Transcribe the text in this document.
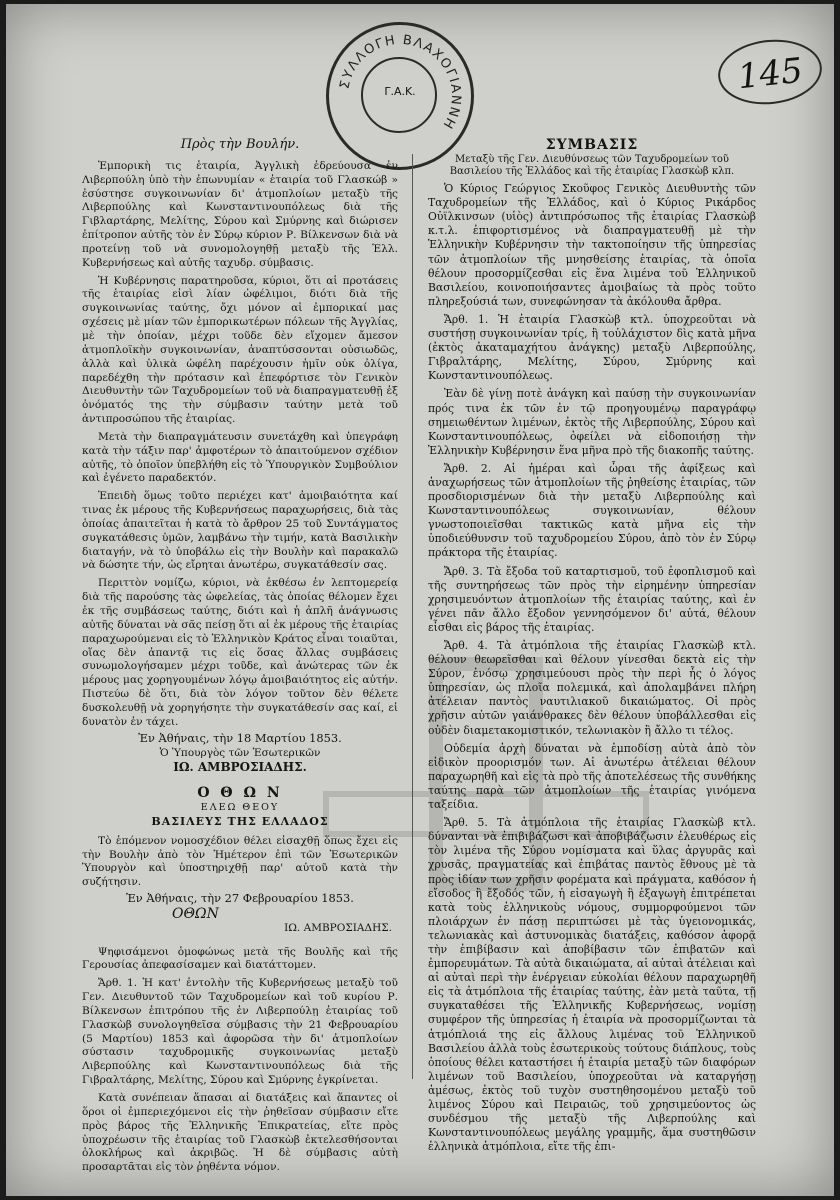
ΣΥΛΛΟΓΗ ΒΛΑΧΟΓΙΑΝΝΗ
Γ.Α.Κ.	145
Πρὸς τὴν Βουλήν.

Ἐμπορικὴ τις ἑταιρία, Ἀγγλικὴ ἑδρεύουσα ἐν Λιβερπούλη ὑπὸ τὴν ἐπωνυμίαν « ἑταιρία τοῦ Γλασκώβ » ἐσύστησε συγκοινωνίαν δι' ἀτμοπλοίων μεταξὺ τῆς Λιβερπούλης καὶ Κωνσταντινουπόλεως διὰ τῆς Γιβλαρτάρης, Μελίτης, Σύρου καὶ Σμύρνης καὶ διώρισεν ἐπίτροπον αὐτῆς τὸν ἐν Σύρῳ κύριον Ρ. Βίλκενσων διὰ νὰ προτείνῃ τοῦ νὰ συνομολογηθῇ μεταξὺ τῆς Ἑλλ. Κυβερνήσεως καὶ αὐτῆς ταχυδρ. σύμβασις.

Ἡ Κυβέρνησις παρατηροῦσα, κύριοι, ὅτι αἱ προτάσεις τῆς ἑταιρίας εἰσὶ λίαν ὠφέλιμοι, διότι διὰ τῆς συγκοινωνίας ταύτης, ὄχι μόνον αἱ ἐμπορικαί μας σχέσεις μὲ μίαν τῶν ἐμπορικωτέρων πόλεων τῆς Ἀγγλίας, μὲ τὴν ὁποίαν, μέχρι τοῦδε δὲν εἴχομεν ἄμεσον ἀτμοπλοϊκὴν συγκοινωνίαν, ἀναπτύσσονται οὐσιωδῶς, ἀλλὰ καὶ ὑλικὰ ὠφέλη παρέχουσιν ἡμῖν οὐκ ὀλίγα, παρεδέχθη τὴν πρότασιν καὶ ἐπεφόρτισε τὸν Γενικὸν Διευθυντὴν τῶν Ταχυδρομείων τοῦ νὰ διαπραγματευθῇ ἐξ ὀνόματός της τὴν σύμβασιν ταύτην μετὰ τοῦ ἀντιπροσώπου τῆς ἑταιρίας.

Μετὰ τὴν διαπραγμάτευσιν συνετάχθη καὶ ὑπεγράφη κατὰ τὴν τάξιν παρ' ἀμφοτέρων τὸ ἀπαιτούμενον σχέδιον αὐτῆς, τὸ ὁποῖον ὑπεβλήθη εἰς τὸ Ὑπουργικὸν Συμβούλιον καὶ ἐγένετο παραδεκτόν.

Ἐπειδὴ ὅμως τοῦτο περιέχει κατ' ἀμοιβαιότητα καί τινας ἐκ μέρους τῆς Κυβερνήσεως παραχωρήσεις, διὰ τὰς ὁποίας ἀπαιτεῖται ἡ κατὰ τὸ ἄρθρον 25 τοῦ Συντάγματος συγκατάθεσις ὑμῶν, λαμβάνω τὴν τιμήν, κατὰ Βασιλικὴν διαταγήν, νὰ τὸ ὑποβάλω εἰς τὴν Βουλὴν καὶ παρακαλῶ νὰ δώσητε τήν, ὡς εἴρηται ἀνωτέρω, συγκατάθεσίν σας.

Περιττὸν νομίζω, κύριοι, νὰ ἐκθέσω ἐν λεπτομερείᾳ διὰ τῆς παρούσης τὰς ὠφελείας, τὰς ὁποίας θέλομεν ἔχει ἐκ τῆς συμβάσεως ταύτης, διότι καὶ ἡ ἁπλῆ ἀνάγνωσις αὐτῆς δύναται νὰ σᾶς πείσῃ ὅτι αἱ ἐκ μέρους τῆς ἑταιρίας παραχωρούμεναι εἰς τὸ Ἑλληνικὸν Κράτος εἶναι τοιαῦται, οἵας δὲν ἀπαντᾷ τις εἰς ὅσας ἄλλας συμβάσεις συνωμολογήσαμεν μέχρι τοῦδε, καὶ ἀνώτερας τῶν ἐκ μέρους μας χορηγουμένων λόγῳ ἀμοιβαιότητος εἰς αὐτήν. Πιστεύω δὲ ὅτι, διὰ τὸν λόγον τοῦτον δὲν θέλετε δυσκολευθῇ νὰ χορηγήσητε τὴν συγκατάθεσίν σας καί, εἰ δυνατὸν ἐν τάχει.

Ἐν Ἀθήναις, τὴν 18 Μαρτίου 1853.
Ὁ Ὑπουργὸς τῶν Ἐσωτερικῶν
ΙΩ. ΑΜΒΡΟΣΙΑΔΗΣ.
Ο Θ Ω Ν
ΕΛΕΩ ΘΕΟΥ
ΒΑΣΙΛΕΥΣ ΤΗΣ ΕΛΛΑΔΟΣ

Τὸ ἑπόμενον νομοσχέδιον θέλει εἰσαχθῇ ὅπως ἔχει εἰς τὴν Βουλὴν ἀπὸ τὸν Ἡμέτερον ἐπὶ τῶν Ἐσωτερικῶν Ὑπουργὸν καὶ ὑποστηριχθῇ παρ' αὐτοῦ κατὰ τὴν συζήτησιν.

Ἐν Ἀθήναις, τὴν 27 Φεβρουαρίου 1853.
ΟΘΩΝ
ΙΩ. ΑΜΒΡΟΣΙΑΔΗΣ.

Ψηφισάμενοι ὁμοφώνως μετὰ τῆς Βουλῆς καὶ τῆς Γερουσίας ἀπεφασίσαμεν καὶ διατάττομεν.

Ἄρθ. 1. Ἡ κατ' ἐντολὴν τῆς Κυβερνήσεως μεταξὺ τοῦ Γεν. Διευθυντοῦ τῶν Ταχυδρομείων καὶ τοῦ κυρίου Ρ. Βίλκενσων ἐπιτρόπου τῆς ἐν Λιβερπούλῃ ἑταιρίας τοῦ Γλασκὼβ συνολογηθεῖσα σύμβασις τὴν 21 Φεβρουαρίου (5 Μαρτίου) 1853 καὶ ἀφορῶσα τὴν δι' ἀτμοπλοίων σύστασιν ταχυδρομικῆς συγκοινωνίας μεταξὺ Λιβερπούλης καὶ Κωνσταντινουπόλεως διὰ τῆς Γιβραλτάρης, Μελίτης, Σύρου καὶ Σμύρνης ἐγκρίνεται.

Κατὰ συνέπειαν ἅπασαι αἱ διατάξεις καὶ ἅπαντες οἱ ὅροι οἱ ἐμπεριεχόμενοι εἰς τὴν ῥηθεῖσαν σύμβασιν εἴτε πρὸς βάρος τῆς Ἑλληνικῆς Ἐπικρατείας, εἴτε πρὸς ὑποχρέωσιν τῆς ἑταιρίας τοῦ Γλασκὼβ ἐκτελεσθήσονται ὁλοκλήρως καὶ ἀκριβῶς. Ἡ δὲ σύμβασις αὐτὴ προσαρτᾶται εἰς τὸν ῥηθέντα νόμον.

ΣΥΜΒΑΣΙΣ
Μεταξὺ τῆς Γεν. Διευθύνσεως τῶν Ταχυδρομείων τοῦ Βασιλείου τῆς Ἑλλάδος καὶ τῆς ἑταιρίας Γλασκὼβ κλπ.

Ὁ Κύριος Γεώργιος Σκοῦφος Γενικὸς Διευθυντὴς τῶν Ταχυδρομείων τῆς Ἑλλάδος, καὶ ὁ Κύριος Ρικάρδος Οὐϊλκινσων (υἱὸς) ἀντιπρόσωπος τῆς ἑταιρίας Γλασκὼβ κ.τ.λ. ἐπιφορτισμένος νὰ διαπραγματευθῇ μὲ τὴν Ἑλληνικὴν Κυβέρνησιν τὴν τακτοποίησιν τῆς ὑπηρεσίας τῶν ἀτμοπλοίων τῆς μνησθείσης ἑταιρίας, τὰ ὁποῖα θέλουν προσορμίζεσθαι εἰς ἕνα λιμένα τοῦ Ἑλληνικοῦ Βασιλείου, κοινοποιήσαντες ἀμοιβαίως τὰ πρὸς τοῦτο πληρεξούσιά των, συνεφώνησαν τὰ ἀκόλουθα ἄρθρα.

Ἄρθ. 1. Ἡ ἑταιρία Γλασκὼβ κτλ. ὑποχρεοῦται νὰ συστήσῃ συγκοινωνίαν τρίς, ἢ τοὐλάχιστον δὶς κατὰ μῆνα (ἐκτὸς ἀκαταμαχήτου ἀνάγκης) μεταξὺ Λιβερπούλης, Γιβραλτάρης, Μελίτης, Σύρου, Σμύρνης καὶ Κωνσταντινουπόλεως.

Ἐὰν δὲ γίνῃ ποτὲ ἀνάγκη καὶ παύσῃ τὴν συγκοινωνίαν πρός τινα ἐκ τῶν ἐν τῷ προηγουμένῳ παραγράφῳ σημειωθέντων λιμένων, ἐκτὸς τῆς Λιβερπούλης, Σύρου καὶ Κωνσταντινουπόλεως, ὀφείλει νὰ εἰδοποιήσῃ τὴν Ἑλληνικὴν Κυβέρνησιν ἕνα μῆνα πρὸ τῆς διακοπῆς ταύτης.

Ἄρθ. 2. Αἱ ἡμέραι καὶ ὧραι τῆς ἀφίξεως καὶ ἀναχωρήσεως τῶν ἀτμοπλοίων τῆς ῥηθείσης ἑταιρίας, τῶν προσδιορισμένων διὰ τὴν μεταξὺ Λιβερπούλης καὶ Κωνσταντινουπόλεως συγκοινωνίαν, θέλουν γνωστοποιεῖσθαι τακτικῶς κατὰ μῆνα εἰς τὴν ὑποδιεύθυνσιν τοῦ ταχυδρομείου Σύρου, ἀπὸ τὸν ἐν Σύρῳ πράκτορα τῆς ἑταιρίας.

Ἄρθ. 3. Τὰ ἔξοδα τοῦ καταρτισμοῦ, τοῦ ἐφοπλισμοῦ καὶ τῆς συντηρήσεως τῶν πρὸς τὴν εἰρημένην ὑπηρεσίαν χρησιμευόντων ἀτμοπλοίων τῆς ἑταιρίας ταύτης, καὶ ἐν γένει πᾶν ἄλλο ἔξοδον γεννησόμενον δι' αὐτά, θέλουν εἶσθαι εἰς βάρος τῆς ἑταιρίας.

Ἄρθ. 4. Τὰ ἀτμόπλοια τῆς ἑταιρίας Γλασκὼβ κτλ. θέλουν θεωρεῖσθαι καὶ θέλουν γίνεσθαι δεκτὰ εἰς τὴν Σύρον, ἐνόσῳ χρησιμεύουσι πρὸς τὴν περὶ ἧς ὁ λόγος ὑπηρεσίαν, ὡς πλοῖα πολεμικά, καὶ ἀπολαμβάνει πλήρη ἀτέλειαν παντὸς ναυτιλιακοῦ δικαιώματος. Οἱ πρὸς χρῆσιν αὐτῶν γαιάνθρακες δὲν θέλουν ὑποβάλλεσθαι εἰς οὐδὲν διαμετακομιστικόν, τελωνιακὸν ἢ ἄλλο τι τέλος.

Οὐδεμία ἀρχὴ δύναται νὰ ἐμποδίσῃ αὐτὰ ἀπὸ τὸν εἰδικὸν προορισμόν των. Αἱ ἀνωτέρω ἀτέλειαι θέλουν παραχωρηθῆ καὶ εἰς τὰ πρὸ τῆς ἀποτελέσεως τῆς συνθήκης ταύτης παρὰ τῶν ἀτμοπλοίων τῆς ἑταιρίας γινόμενα ταξείδια.

Ἄρθ. 5. Τὰ ἀτμόπλοια τῆς ἑταιρίας Γλασκὼβ κτλ. δύνανται νὰ ἐπιβιβάζωσι καὶ ἀποβιβάζωσιν ἐλευθέρως εἰς τὸν λιμένα τῆς Σύρου νομίσματα καὶ ὕλας ἀργυρᾶς καὶ χρυσᾶς, πραγματείας καὶ ἐπιβάτας παντὸς ἔθνους μὲ τὰ πρὸς ἰδίαν των χρῆσιν φορέματα καὶ πράγματα, καθόσον ἡ εἴσοδος ἢ ἔξοδός τῶν, ἡ εἰσαγωγὴ ἢ ἐξαγωγὴ ἐπιτρέπεται κατὰ τοὺς ἑλληνικοὺς νόμους, συμμορφούμενοι τῶν πλοιάρχων ἐν πάσῃ περιπτώσει μὲ τὰς ὑγειονομικάς, τελωνιακὰς καὶ ἀστυνομικὰς διατάξεις, καθόσον ἀφορᾷ τὴν ἐπιβίβασιν καὶ ἀποβίβασιν τῶν ἐπιβατῶν καὶ ἐμπορευμάτων. Τὰ αὐτὰ δικαιώματα, αἱ αὐταὶ ἀτέλειαι καὶ αἱ αὐταὶ περὶ τὴν ἐνέργειαν εὐκολίαι θέλουν παραχωρηθῆ εἰς τὰ ἀτμόπλοια τῆς ἑταιρίας ταύτης, ἐὰν μετὰ ταῦτα, τῇ συγκαταθέσει τῆς Ἑλληνικῆς Κυβερνήσεως, νομίσῃ συμφέρον τῆς ὑπηρεσίας ἡ ἑταιρία νὰ προσορμίζωνται τὰ ἀτμόπλοιά της εἰς ἄλλους λιμένας τοῦ Ἑλληνικοῦ Βασιλείου ἀλλὰ τοὺς ἐσωτερικοὺς τούτους διάπλους, τοὺς ὁποίους θέλει καταστήσει ἡ ἑταιρία μεταξὺ τῶν διαφόρων λιμένων τοῦ Βασιλείου, ὑποχρεοῦται νὰ καταργήσῃ ἀμέσως, ἐκτὸς τοῦ τυχὸν συστηθησομένου μεταξὺ τοῦ λιμένος Σύρου καὶ Πειραιῶς, τοῦ χρησιμεύοντος ὡς συνδέσμου τῆς μεταξὺ τῆς Λιβερπούλης καὶ Κωνσταντινουπόλεως μεγάλης γραμμῆς, ἅμα συστηθῶσιν ἑλληνικὰ ἀτμόπλοια, εἴτε τῆς ἐπι-
